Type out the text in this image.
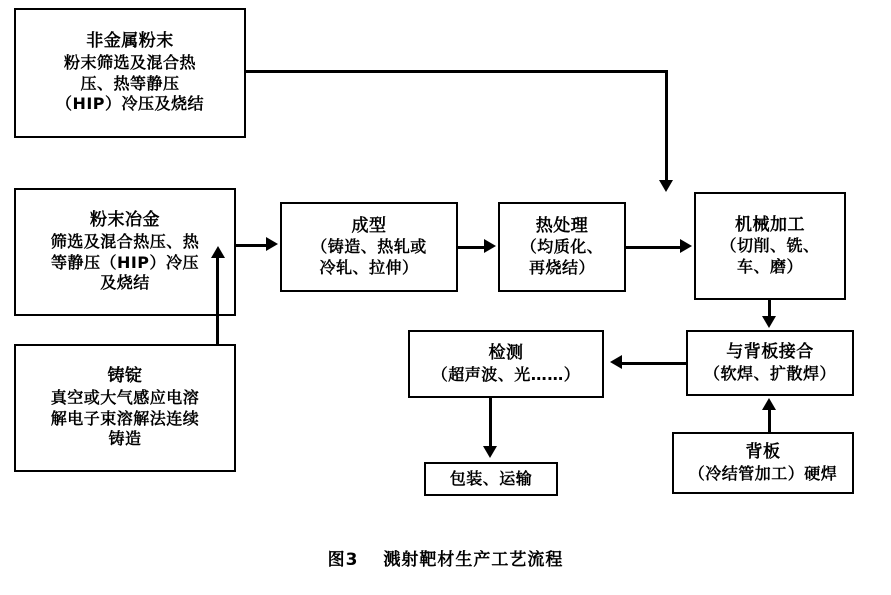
非金属粉末
粉末筛选及混合热
压、热等静压
（HIP）冷压及烧结
粉末冶金
筛选及混合热压、热
等静压（HIP）冷压
及烧结
铸锭
真空或大气感应电溶
解电子束溶解法连续
铸造
成型
（铸造、热轧或
冷轧、拉伸）
热处理
（均质化、
再烧结）
机械加工
（切削、铣、
车、磨）
与背板接合
（软焊、扩散焊）
背板
（冷结管加工）硬焊
检测
（超声波、光……）
包装、运输
图3 溅射靶材生产工艺流程
